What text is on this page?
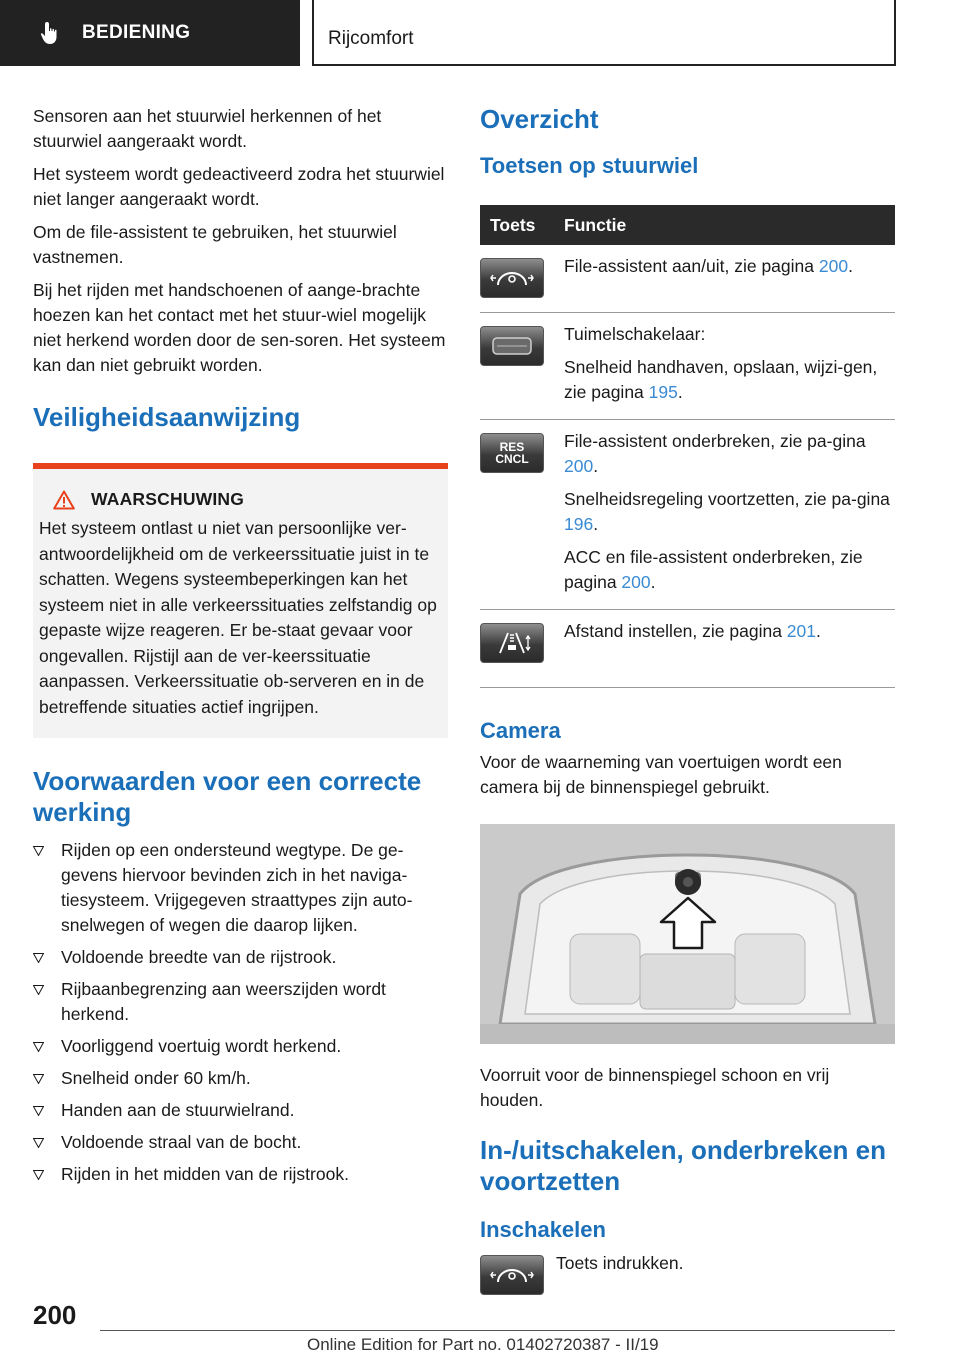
BEDIENING	Rijcomfort

Sensoren aan het stuurwiel herkennen of het stuurwiel aangeraakt wordt.

Het systeem wordt gedeactiveerd zodra het stuurwiel niet langer aangeraakt wordt.

Om de file-assistent te gebruiken, het stuurwiel vastnemen.

Bij het rijden met handschoenen of aange-brachte hoezen kan het contact met het stuur-wiel mogelijk niet herkend worden door de sen-soren. Het systeem kan dan niet gebruikt worden.

Veiligheidsaanwijzing
WAARSCHUWING
Het systeem ontlast u niet van persoonlijke ver-antwoordelijkheid om de verkeerssituatie juist in te schatten. Wegens systeembeperkingen kan het systeem niet in alle verkeerssituaties zelfstandig op gepaste wijze reageren. Er be-staat gevaar voor ongevallen. Rijstijl aan de ver-keerssituatie aanpassen. Verkeerssituatie ob-serveren en in de betreffende situaties actief ingrijpen.
Voorwaarden voor een correcte werking
Rijden op een ondersteund wegtype. De ge-gevens hiervoor bevinden zich in het naviga-tiesysteem. Vrijgegeven straattypes zijn auto-snelwegen of wegen die daarop lijken.
Voldoende breedte van de rijstrook.
Rijbaanbegrenzing aan weerszijden wordt herkend.
Voorliggend voertuig wordt herkend.
Snelheid onder 60 km/h.
Handen aan de stuurwielrand.
Voldoende straal van de bocht.
Rijden in het midden van de rijstrook.
Overzicht
Toetsen op stuurwiel
Toets	Functie

File-assistent aan/uit, zie pagina 200.

Tuimelschakelaar:

Snelheid handhaven, opslaan, wijzi-gen, zie pagina 195.

RES
CNCL

File-assistent onderbreken, zie pa-gina 200.

Snelheidsregeling voortzetten, zie pa-gina 196.

ACC en file-assistent onderbreken, zie pagina 200.

Afstand instellen, zie pagina 201.

Camera

Voor de waarneming van voertuigen wordt een camera bij de binnenspiegel gebruikt.

Voorruit voor de binnenspiegel schoon en vrij houden.

In-/uitschakelen, onderbreken en voortzetten
Inschakelen

Toets indrukken.

200
Online Edition for Part no. 01402720387 - II/19
